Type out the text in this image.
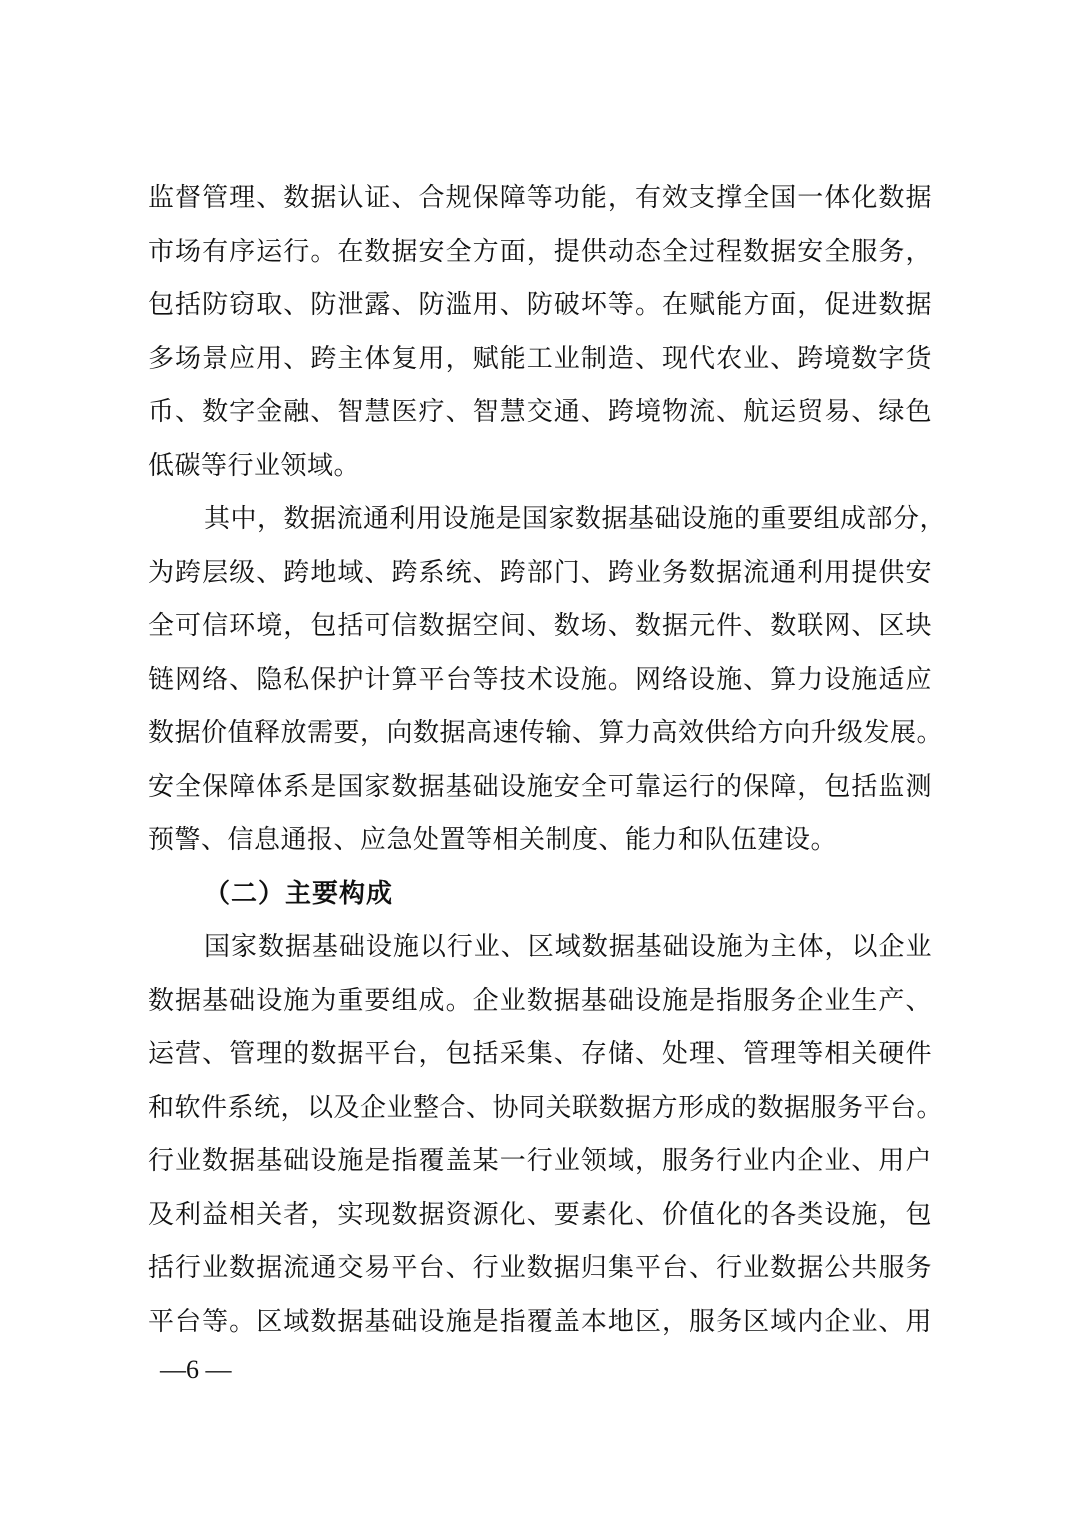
监督管理、数据认证、合规保障等功能，有效支撑全国一体化数据
市场有序运行。在数据安全方面，提供动态全过程数据安全服务，
包括防窃取、防泄露、防滥用、防破坏等。在赋能方面，促进数据
多场景应用、跨主体复用，赋能工业制造、现代农业、跨境数字货
币、数字金融、智慧医疗、智慧交通、跨境物流、航运贸易、绿色
低碳等行业领域。
其中，数据流通利用设施是国家数据基础设施的重要组成部分，
为跨层级、跨地域、跨系统、跨部门、跨业务数据流通利用提供安
全可信环境，包括可信数据空间、数场、数据元件、数联网、区块
链网络、隐私保护计算平台等技术设施。网络设施、算力设施适应
数据价值释放需要，向数据高速传输、算力高效供给方向升级发展。
安全保障体系是国家数据基础设施安全可靠运行的保障，包括监测
预警、信息通报、应急处置等相关制度、能力和队伍建设。
（二）主要构成
国家数据基础设施以行业、区域数据基础设施为主体，以企业
数据基础设施为重要组成。企业数据基础设施是指服务企业生产、
运营、管理的数据平台，包括采集、存储、处理、管理等相关硬件
和软件系统，以及企业整合、协同关联数据方形成的数据服务平台。
行业数据基础设施是指覆盖某一行业领域，服务行业内企业、用户
及利益相关者，实现数据资源化、要素化、价值化的各类设施，包
括行业数据流通交易平台、行业数据归集平台、行业数据公共服务
平台等。区域数据基础设施是指覆盖本地区，服务区域内企业、用
—6 —
